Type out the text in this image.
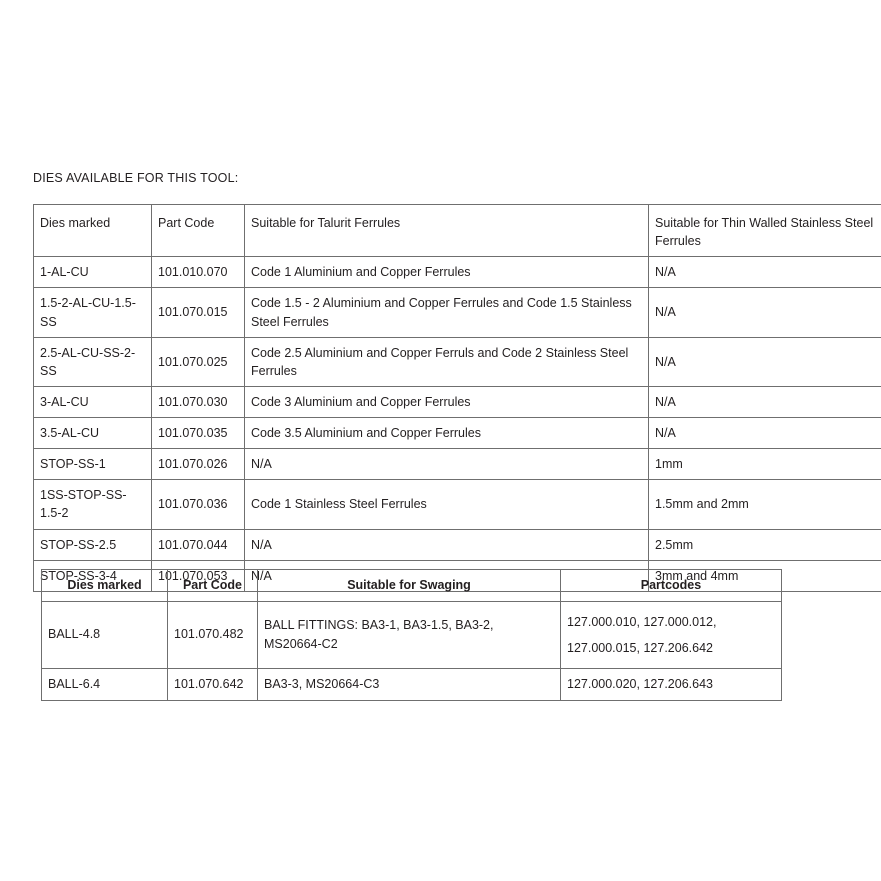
DIES AVAILABLE FOR THIS TOOL:
Dies marked	Part Code	Suitable for Talurit Ferrules	Suitable for Thin Walled Stainless Steel Ferrules
1-AL-CU	101.010.070	Code 1 Aluminium and Copper Ferrules	N/A
1.5-2-AL-CU-1.5-SS	101.070.015	Code 1.5 - 2 Aluminium and Copper Ferrules and Code 1.5 Stainless Steel Ferrules	N/A
2.5-AL-CU-SS-2-SS	101.070.025	Code 2.5 Aluminium and Copper Ferruls and Code 2 Stainless Steel Ferrules	N/A
3-AL-CU	101.070.030	Code 3 Aluminium and Copper Ferrules	N/A
3.5-AL-CU	101.070.035	Code 3.5 Aluminium and Copper Ferrules	N/A
STOP-SS-1	101.070.026	N/A	1mm
1SS-STOP-SS-1.5-2	101.070.036	Code 1 Stainless Steel Ferrules	1.5mm and 2mm
STOP-SS-2.5	101.070.044	N/A	2.5mm
STOP-SS-3-4	101.070.053	N/A	3mm and 4mm
Dies marked	Part Code	Suitable for Swaging	Partcodes
BALL-4.8	101.070.482	BALL FITTINGS: BA3-1, BA3-1.5, BA3-2, MS20664-C2	127.000.010, 127.000.012, 127.000.015, 127.206.642
BALL-6.4	101.070.642	BA3-3, MS20664-C3	127.000.020, 127.206.643
